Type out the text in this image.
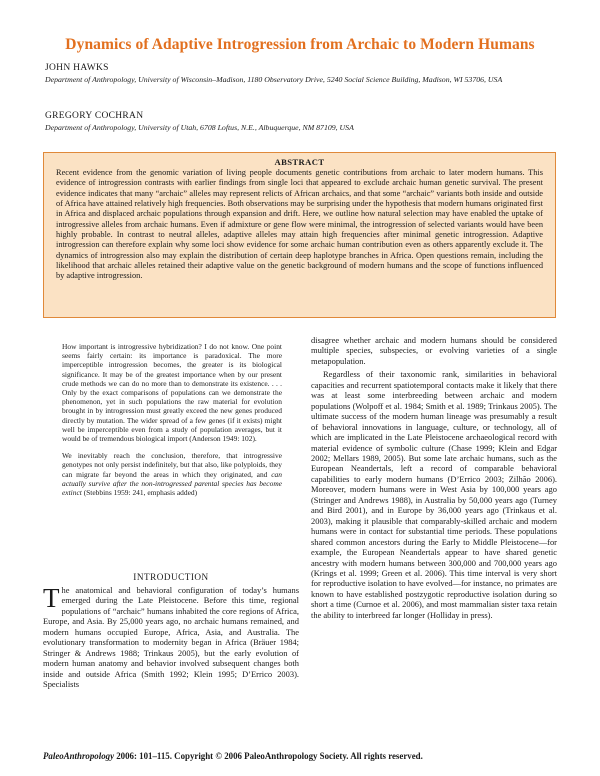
Dynamics of Adaptive Introgression from Archaic to Modern Humans
JOHN HAWKS
Department of Anthropology, University of Wisconsin–Madison, 1180 Observatory Drive, 5240 Social Science Building, Madison, WI 53706, USA
GREGORY COCHRAN
Department of Anthropology, University of Utah, 6708 Loftus, N.E., Albuquerque, NM 87109, USA
ABSTRACT
Recent evidence from the genomic variation of living people documents genetic contributions from archaic to later modern humans. This evidence of introgression contrasts with earlier findings from single loci that appeared to exclude archaic human genetic survival. The present evidence indicates that many “archaic” alleles may represent relicts of African archaics, and that some “archaic” variants both inside and outside of Africa have attained relatively high frequencies. Both observations may be surprising under the hypothesis that modern humans originated first in Africa and displaced archaic populations through expansion and drift. Here, we outline how natural selection may have enabled the uptake of introgressive alleles from archaic humans. Even if admixture or gene flow were minimal, the introgression of selected variants would have been highly probable. In contrast to neutral alleles, adaptive alleles may attain high frequencies after minimal genetic introgression. Adaptive introgression can therefore explain why some loci show evidence for some archaic human contribution even as others apparently exclude it. The dynamics of introgression also may explain the distribution of certain deep haplotype branches in Africa. Open questions remain, including the likelihood that archaic alleles retained their adaptive value on the genetic background of modern humans and the scope of functions influenced by adaptive introgression.

How important is introgressive hybridization? I do not know. One point seems fairly certain: its importance is paradoxical. The more imperceptible introgression becomes, the greater is its biological significance. It may be of the greatest importance when by our present crude methods we can do no more than to demonstrate its existence. . . . Only by the exact comparisons of populations can we demonstrate the phenomenon, yet in such populations the raw material for evolution brought in by introgression must greatly exceed the new genes produced directly by mutation. The wider spread of a few genes (if it exists) might well be imperceptible even from a study of population averages, but it would be of tremendous biological import (Anderson 1949: 102).

We inevitably reach the conclusion, therefore, that introgressive genotypes not only persist indefinitely, but that also, like polyploids, they can migrate far beyond the areas in which they originated, and can actually survive after the non-introgressed parental species has become extinct (Stebbins 1959: 241, emphasis added)

INTRODUCTION
The anatomical and behavioral configuration of today’s humans emerged during the Late Pleistocene. Before this time, regional populations of “archaic” humans inhabited the core regions of Africa, Europe, and Asia. By 25,000 years ago, no archaic humans remained, and modern humans occupied Europe, Africa, Asia, and Australia. The evolutionary transformation to modernity began in Africa (Bräuer 1984; Stringer & Andrews 1988; Trinkaus 2005), but the early evolution of modern human anatomy and behavior involved subsequent changes both inside and outside Africa (Smith 1992; Klein 1995; D’Errico 2003). Specialists

disagree whether archaic and modern humans should be considered multiple species, subspecies, or evolving varieties of a single metapopulation.

Regardless of their taxonomic rank, similarities in behavioral capacities and recurrent spatiotemporal contacts make it likely that there was at least some interbreeding between archaic and modern populations (Wolpoff et al. 1984; Smith et al. 1989; Trinkaus 2005). The ultimate success of the modern human lineage was presumably a result of behavioral innovations in language, culture, or technology, all of which are implicated in the Late Pleistocene archaeological record with material evidence of symbolic culture (Chase 1999; Klein and Edgar 2002; Mellars 1989, 2005). But some late archaic humans, such as the European Neandertals, left a record of comparable behavioral capabilities to early modern humans (D’Errico 2003; Zilhão 2006). Moreover, modern humans were in West Asia by 100,000 years ago (Stringer and Andrews 1988), in Australia by 50,000 years ago (Turney and Bird 2001), and in Europe by 36,000 years ago (Trinkaus et al. 2003), making it plausible that comparably-skilled archaic and modern humans were in contact for substantial time periods. These populations shared common ancestors during the Early to Middle Pleistocene—for example, the European Neandertals appear to have shared genetic ancestry with modern humans between 300,000 and 700,000 years ago (Krings et al. 1999; Green et al. 2006). This time interval is very short for reproductive isolation to have evolved—for instance, no primates are known to have established postzygotic reproductive isolation during so short a time (Curnoe et al. 2006), and most mammalian sister taxa retain the ability to interbreed far longer (Holliday in press).

PaleoAnthropology 2006: 101–115. Copyright © 2006 PaleoAnthropology Society. All rights reserved.
